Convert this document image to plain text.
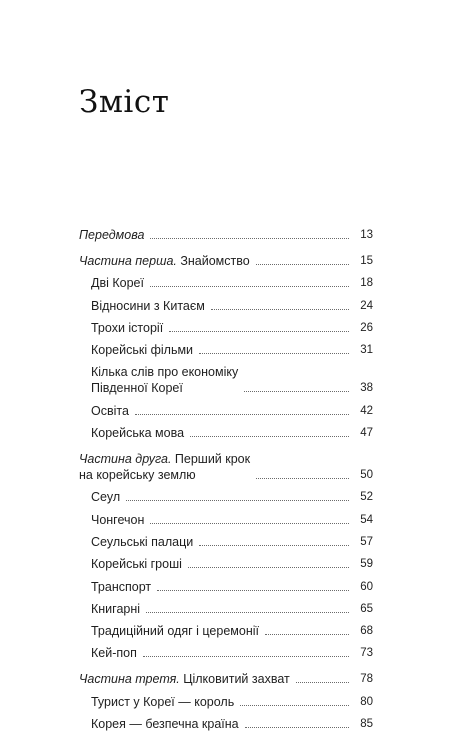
Зміст
Передмова	13
Частина перша. Знайомство	15
Дві Кореї	18
Відносини з Китаєм	24
Трохи історії	26
Корейські фільми	31
Кілька слів про економіку
Південної Кореї	38
Освіта	42
Корейська мова	47
Частина друга. Перший крок
на корейську землю	50
Сеул	52
Чонгечон	54
Сеульські палаци	57
Корейські гроші	59
Транспорт	60
Книгарні	65
Традиційний одяг і церемонії	68
Кей-поп	73
Частина третя. Цілковитий захват	78
Турист у Кореї — король	80
Корея — безпечна країна	85
